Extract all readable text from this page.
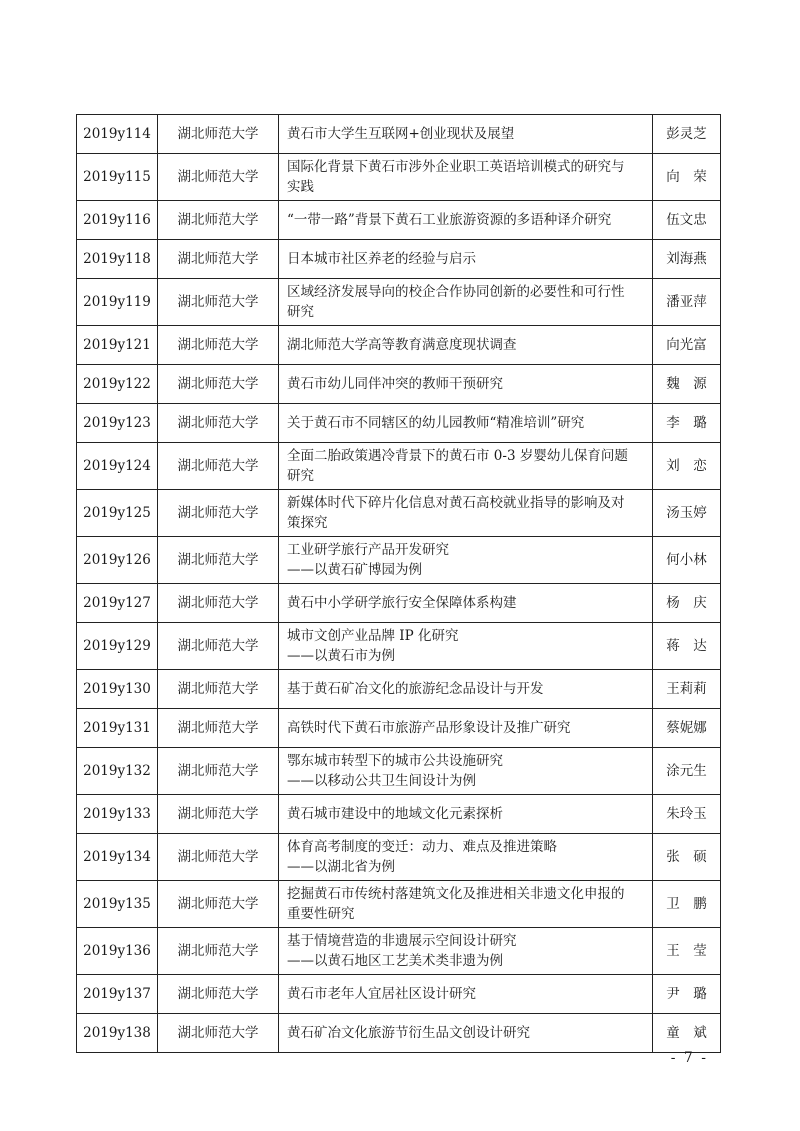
2019y114	湖北师范大学	黄石市大学生互联网+创业现状及展望	彭灵芝
2019y115	湖北师范大学	国际化背景下黄石市涉外企业职工英语培训模式的研究与
实践	向　荣
2019y116	湖北师范大学	“一带一路”背景下黄石工业旅游资源的多语种译介研究	伍文忠
2019y118	湖北师范大学	日本城市社区养老的经验与启示	刘海燕
2019y119	湖北师范大学	区域经济发展导向的校企合作协同创新的必要性和可行性
研究	潘亚萍
2019y121	湖北师范大学	湖北师范大学高等教育满意度现状调查	向光富
2019y122	湖北师范大学	黄石市幼儿同伴冲突的教师干预研究	魏　源
2019y123	湖北师范大学	关于黄石市不同辖区的幼儿园教师“精准培训”研究	李　璐
2019y124	湖北师范大学	全面二胎政策遇冷背景下的黄石市 0-3 岁婴幼儿保育问题
研究	刘　恋
2019y125	湖北师范大学	新媒体时代下碎片化信息对黄石高校就业指导的影响及对
策探究	汤玉婷
2019y126	湖北师范大学	工业研学旅行产品开发研究
——以黄石矿博园为例	何小林
2019y127	湖北师范大学	黄石中小学研学旅行安全保障体系构建	杨　庆
2019y129	湖北师范大学	城市文创产业品牌 IP 化研究
——以黄石市为例	蒋　达
2019y130	湖北师范大学	基于黄石矿冶文化的旅游纪念品设计与开发	王莉莉
2019y131	湖北师范大学	高铁时代下黄石市旅游产品形象设计及推广研究	蔡妮娜
2019y132	湖北师范大学	鄂东城市转型下的城市公共设施研究
——以移动公共卫生间设计为例	涂元生
2019y133	湖北师范大学	黄石城市建设中的地域文化元素探析	朱玲玉
2019y134	湖北师范大学	体育高考制度的变迁：动力、难点及推进策略
——以湖北省为例	张　硕
2019y135	湖北师范大学	挖掘黄石市传统村落建筑文化及推进相关非遗文化申报的
重要性研究	卫　鹏
2019y136	湖北师范大学	基于情境营造的非遗展示空间设计研究
——以黄石地区工艺美术类非遗为例	王　莹
2019y137	湖北师范大学	黄石市老年人宜居社区设计研究	尹　璐
2019y138	湖北师范大学	黄石矿冶文化旅游节衍生品文创设计研究	童　斌
- 7 -
